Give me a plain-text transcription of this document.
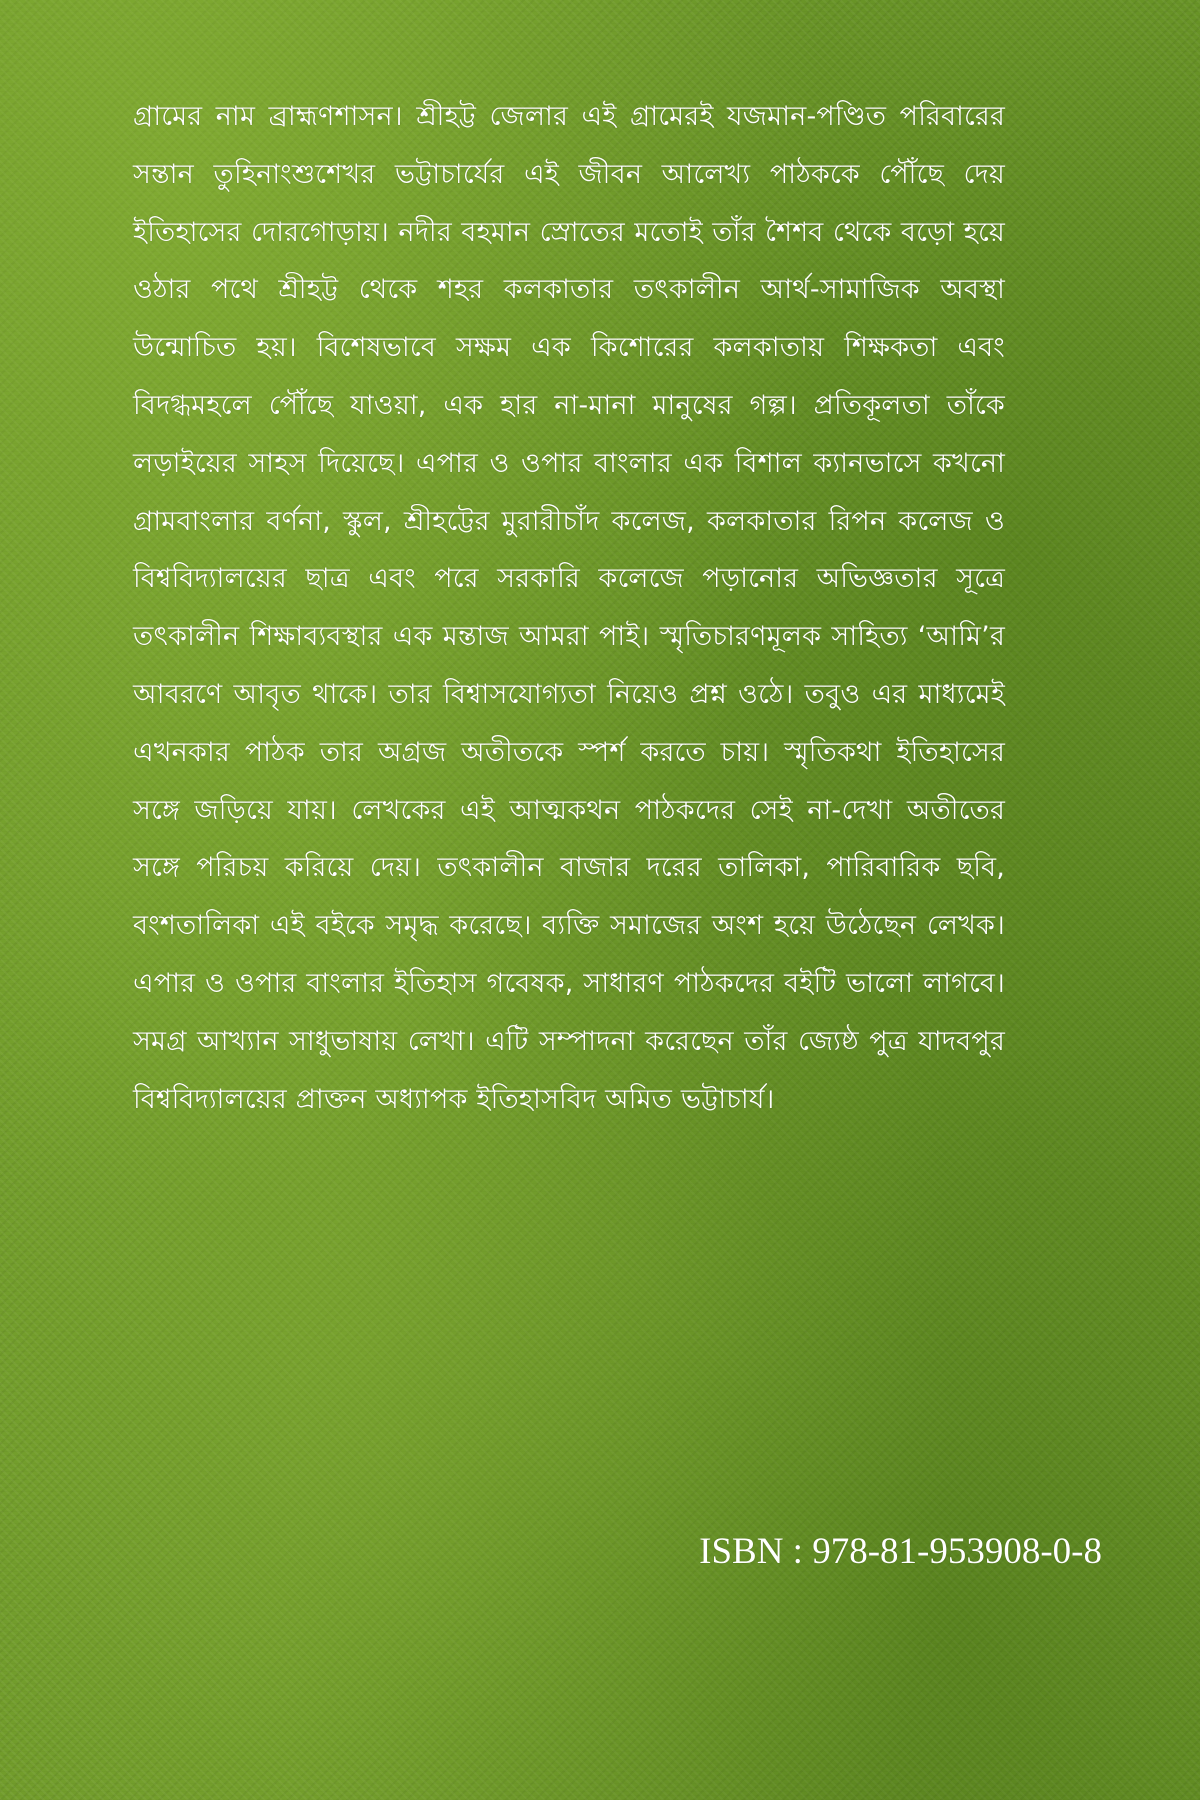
গ্রামের নাম ব্রাহ্মণশাসন। শ্রীহট্ট জেলার এই গ্রামেরই যজমান-পণ্ডিত পরিবারের সন্তান তুহিনাংশুশেখর ভট্টাচার্যের এই জীবন আলেখ্য পাঠককে পৌঁছে দেয় ইতিহাসের দোরগোড়ায়। নদীর বহমান স্রোতের মতোই তাঁর শৈশব থেকে বড়ো হয়ে ওঠার পথে শ্রীহট্ট থেকে শহর কলকাতার তৎকালীন আর্থ-সামাজিক অবস্থা উন্মোচিত হয়। বিশেষভাবে সক্ষম এক কিশোরের কলকাতায় শিক্ষকতা এবং বিদগ্ধমহলে পৌঁছে যাওয়া, এক হার না-মানা মানুষের গল্প। প্রতিকূলতা তাঁকে লড়াইয়ের সাহস দিয়েছে। এপার ও ওপার বাংলার এক বিশাল ক্যানভাসে কখনো গ্রামবাংলার বর্ণনা, স্কুল, শ্রীহট্টের মুরারীচাঁদ কলেজ, কলকাতার রিপন কলেজ ও বিশ্ববিদ্যালয়ের ছাত্র এবং পরে সরকারি কলেজে পড়ানোর অভিজ্ঞতার সূত্রে তৎকালীন শিক্ষাব্যবস্থার এক মন্তাজ আমরা পাই। স্মৃতিচারণমূলক সাহিত্য ‘আমি’র আবরণে আবৃত থাকে। তার বিশ্বাসযোগ্যতা নিয়েও প্রশ্ন ওঠে। তবুও এর মাধ্যমেই এখনকার পাঠক তার অগ্রজ অতীতকে স্পর্শ করতে চায়। স্মৃতিকথা ইতিহাসের সঙ্গে জড়িয়ে যায়। লেখকের এই আত্মকথন পাঠকদের সেই না-দেখা অতীতের সঙ্গে পরিচয় করিয়ে দেয়। তৎকালীন বাজার দরের তালিকা, পারিবারিক ছবি, বংশতালিকা এই বইকে সমৃদ্ধ করেছে। ব্যক্তি সমাজের অংশ হয়ে উঠেছেন লেখক। এপার ও ওপার বাংলার ইতিহাস গবেষক, সাধারণ পাঠকদের বইটি ভালো লাগবে। সমগ্র আখ্যান সাধুভাষায় লেখা। এটি সম্পাদনা করেছেন তাঁর জ্যেষ্ঠ পুত্র যাদবপুর বিশ্ববিদ্যালয়ের প্রাক্তন অধ্যাপক ইতিহাসবিদ অমিত ভট্টাচার্য।

ISBN : 978-81-953908-0-8
